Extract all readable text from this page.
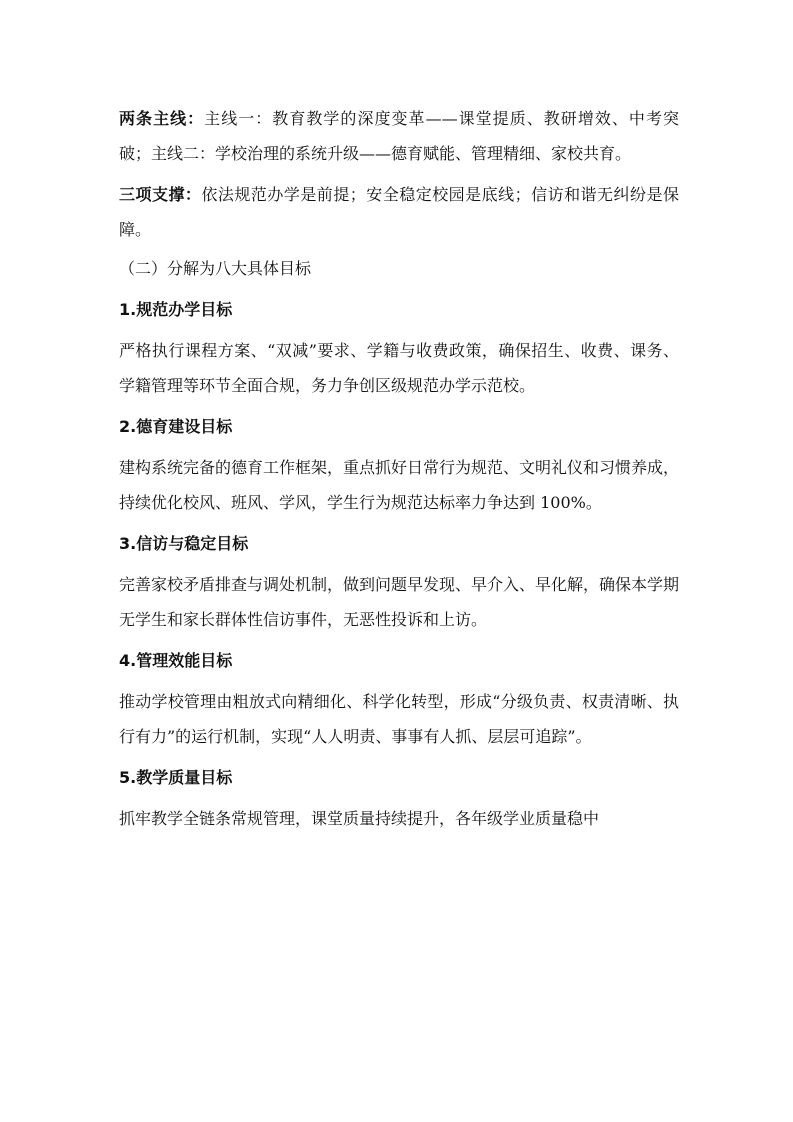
两条主线：主线一：教育教学的深度变革——课堂提质、教研增效、中考突破；主线二：学校治理的系统升级——德育赋能、管理精细、家校共育。

三项支撑：依法规范办学是前提；安全稳定校园是底线；信访和谐无纠纷是保障。

（二）分解为八大具体目标

1.规范办学目标

严格执行课程方案、“双减”要求、学籍与收费政策，确保招生、收费、课务、学籍管理等环节全面合规，务力争创区级规范办学示范校。

2.德育建设目标

建构系统完备的德育工作框架，重点抓好日常行为规范、文明礼仪和习惯养成，持续优化校风、班风、学风，学生行为规范达标率力争达到 100%。

3.信访与稳定目标

完善家校矛盾排查与调处机制，做到问题早发现、早介入、早化解，确保本学期无学生和家长群体性信访事件，无恶性投诉和上访。

4.管理效能目标

推动学校管理由粗放式向精细化、科学化转型，形成“分级负责、权责清晰、执行有力”的运行机制，实现“人人明责、事事有人抓、层层可追踪”。

5.教学质量目标

抓牢教学全链条常规管理，课堂质量持续提升，各年级学业质量稳中
